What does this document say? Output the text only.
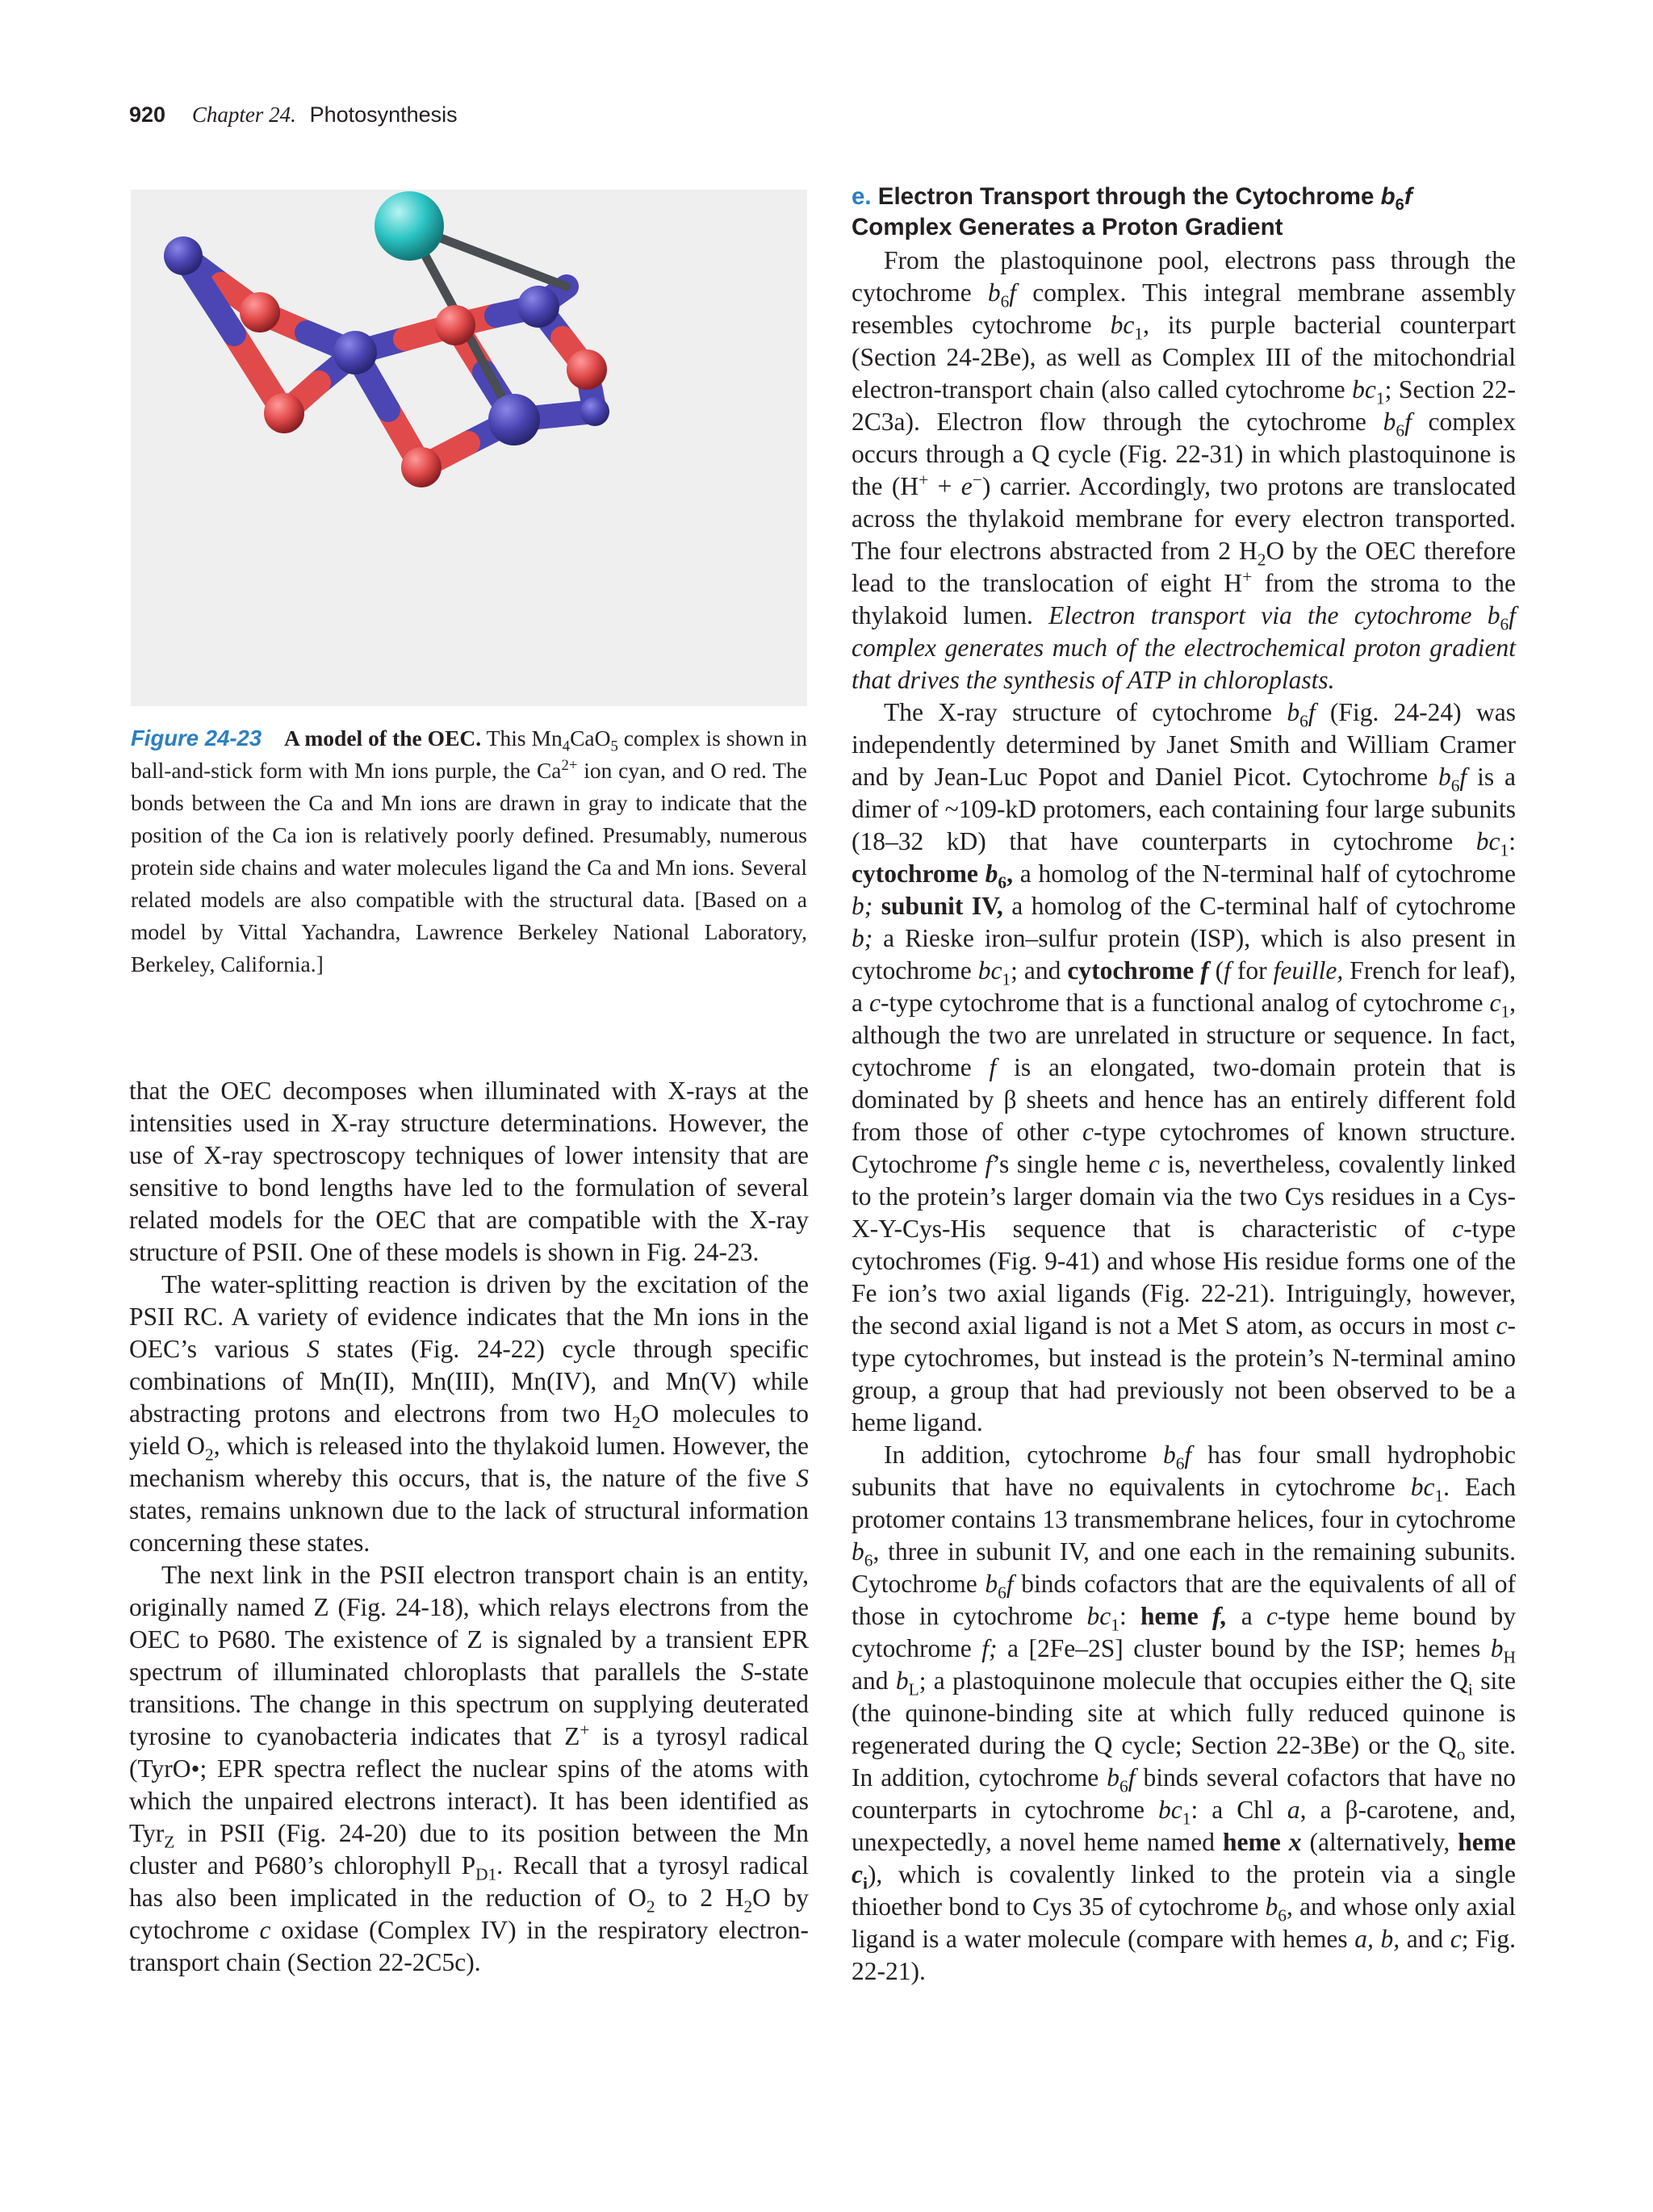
920 Chapter 24. Photosynthesis
Figure 24-23 A model of the OEC. This $Mn_4CaO_5$ complex is shown in ball-and-stick form with Mn ions purple, the $Ca^{2+}$ ion cyan, and O red. The bonds between the Ca and Mn ions are drawn in gray to indicate that the position of the Ca ion is relatively poorly defined. Presumably, numerous protein side chains and water molecules ligand the Ca and Mn ions. Several related models are also compatible with the structural data. [Based on a model by Vittal Yachandra, Lawrence Berkeley National Laboratory, Berkeley, California.]

that the OEC decomposes when illuminated with X-rays at the intensities used in X-ray structure determinations. However, the use of X-ray spectroscopy techniques of lower intensity that are sensitive to bond lengths have led to the formulation of several related models for the OEC that are compatible with the X-ray structure of PSII. One of these models is shown in Fig. 24-23.

The water-splitting reaction is driven by the excitation of the PSII RC. A variety of evidence indicates that the Mn ions in the OEC’s various S states (Fig. 24-22) cycle through specific combinations of Mn(II), Mn(III), Mn(IV), and Mn(V) while abstracting protons and electrons from two $H_2O$ molecules to yield $O_2$, which is released into the thylakoid lumen. However, the mechanism whereby this occurs, that is, the nature of the five S states, remains unknown due to the lack of structural information concerning these states.

The next link in the PSII electron transport chain is an entity, originally named Z (Fig. 24-18), which relays electrons from the OEC to P680. The existence of Z is signaled by a transient EPR spectrum of illuminated chloroplasts that parallels the S-state transitions. The change in this spectrum on supplying deuterated tyrosine to cyanobacteria indicates that Z+ is a tyrosyl radical (TyrO•; EPR spectra reflect the nuclear spins of the atoms with which the unpaired electrons interact). It has been identified as Tyr$_Z$ in PSII (Fig. 24-20) due to its position between the Mn cluster and P680’s chlorophyll $P_{D1}$. Recall that a tyrosyl radical has also been implicated in the reduction of $O_2$ to 2 $H_2O$ by cytochrome c oxidase (Complex IV) in the respiratory electron-transport chain (Section 22-2C5c).

e. Electron Transport through the Cytochrome $b_6f$
Complex Generates a Proton Gradient

From the plastoquinone pool, electrons pass through the cytochrome $b_6f$ complex. This integral membrane assembly resembles cytochrome $bc_1$, its purple bacterial counterpart (Section 24-2Be), as well as Complex III of the mitochondrial electron-transport chain (also called cytochrome $bc_1$; Section 22-2C3a). Electron flow through the cytochrome $b_6f$ complex occurs through a Q cycle (Fig. 22-31) in which plastoquinone is the (H+ + e−) carrier. Accordingly, two protons are translocated across the thylakoid membrane for every electron transported. The four electrons abstracted from 2 $H_2O$ by the OEC therefore lead to the translocation of eight H+ from the stroma to the thylakoid lumen. Electron transport via the cytochrome $b_6f$ complex generates much of the electrochemical proton gradient that drives the synthesis of ATP in chloroplasts.

The X-ray structure of cytochrome $b_6f$ (Fig. 24-24) was independently determined by Janet Smith and William Cramer and by Jean-Luc Popot and Daniel Picot. Cytochrome $b_6f$ is a dimer of ~109-kD protomers, each containing four large subunits (18–32 kD) that have counterparts in cytochrome $bc_1$: cytochrome $b_6$, a homolog of the N-terminal half of cytochrome b; subunit IV, a homolog of the C-terminal half of cytochrome b; a Rieske iron–sulfur protein (ISP), which is also present in cytochrome $bc_1$; and cytochrome f (f for feuille, French for leaf), a c-type cytochrome that is a functional analog of cytochrome $c_1$, although the two are unrelated in structure or sequence. In fact, cytochrome f is an elongated, two-domain protein that is dominated by β sheets and hence has an entirely different fold from those of other c-type cytochromes of known structure. Cytochrome f’s single heme c is, nevertheless, covalently linked to the protein’s larger domain via the two Cys residues in a Cys-X-Y-Cys-His sequence that is characteristic of c-type cytochromes (Fig. 9-41) and whose His residue forms one of the Fe ion’s two axial ligands (Fig. 22-21). Intriguingly, however, the second axial ligand is not a Met S atom, as occurs in most c-type cytochromes, but instead is the protein’s N-terminal amino group, a group that had previously not been observed to be a heme ligand.

In addition, cytochrome $b_6f$ has four small hydrophobic subunits that have no equivalents in cytochrome $bc_1$. Each protomer contains 13 transmembrane helices, four in cytochrome $b_6$, three in subunit IV, and one each in the remaining subunits. Cytochrome $b_6f$ binds cofactors that are the equivalents of all of those in cytochrome $bc_1$: heme f, a c-type heme bound by cytochrome f; a [2Fe–2S] cluster bound by the ISP; hemes $b_H$ and $b_L$; a plastoquinone molecule that occupies either the $Q_i$ site (the quinone-binding site at which fully reduced quinone is regenerated during the Q cycle; Section 22-3Be) or the $Q_o$ site. In addition, cytochrome $b_6f$ binds several cofactors that have no counterparts in cytochrome $bc_1$: a Chl a, a β-carotene, and, unexpectedly, a novel heme named heme x (alternatively, heme $c_i$), which is covalently linked to the protein via a single thioether bond to Cys 35 of cytochrome $b_6$, and whose only axial ligand is a water molecule (compare with hemes a, b, and c; Fig. 22-21).
